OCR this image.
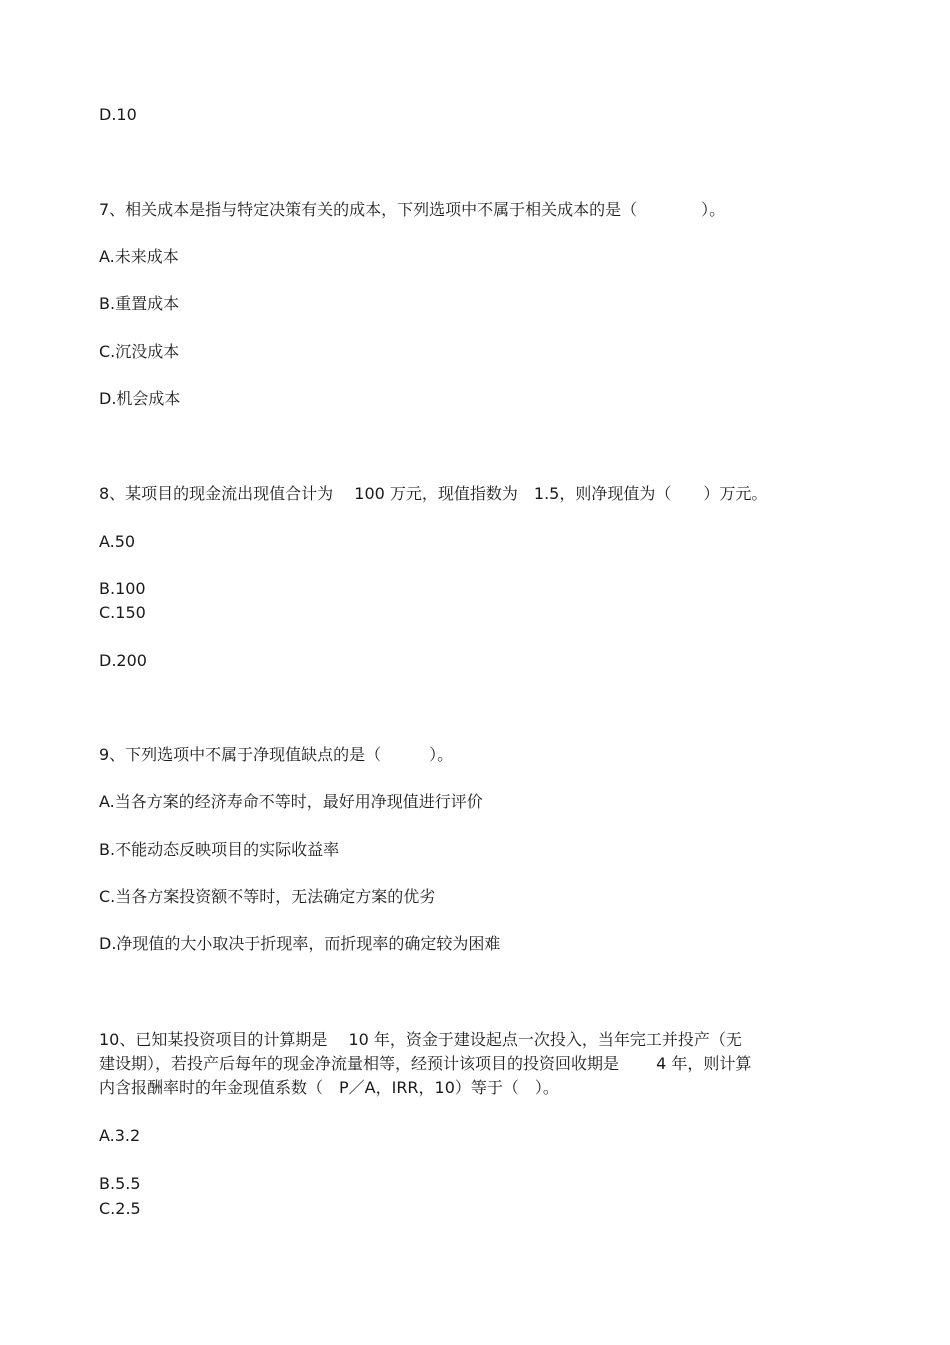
D.10
7、相关成本是指与特定决策有关的成本，下列选项中不属于相关成本的是（　　　　）。
A.未来成本
B.重置成本
C.沉没成本
D.机会成本
8、某项目的现金流出现值合计为　 100 万元，现值指数为　1.5，则净现值为（　　）万元。
A.50
B.100
C.150
D.200
9、下列选项中不属于净现值缺点的是（　　　）。
A.当各方案的经济寿命不等时，最好用净现值进行评价
B.不能动态反映项目的实际收益率
C.当各方案投资额不等时，无法确定方案的优劣
D.净现值的大小取决于折现率，而折现率的确定较为困难
10、已知某投资项目的计算期是　 10 年，资金于建设起点一次投入，当年完工并投产（无
建设期），若投产后每年的现金净流量相等，经预计该项目的投资回收期是　　 4 年，则计算
内含报酬率时的年金现值系数（　P／A，IRR，10）等于（　）。
A.3.2
B.5.5
C.2.5
